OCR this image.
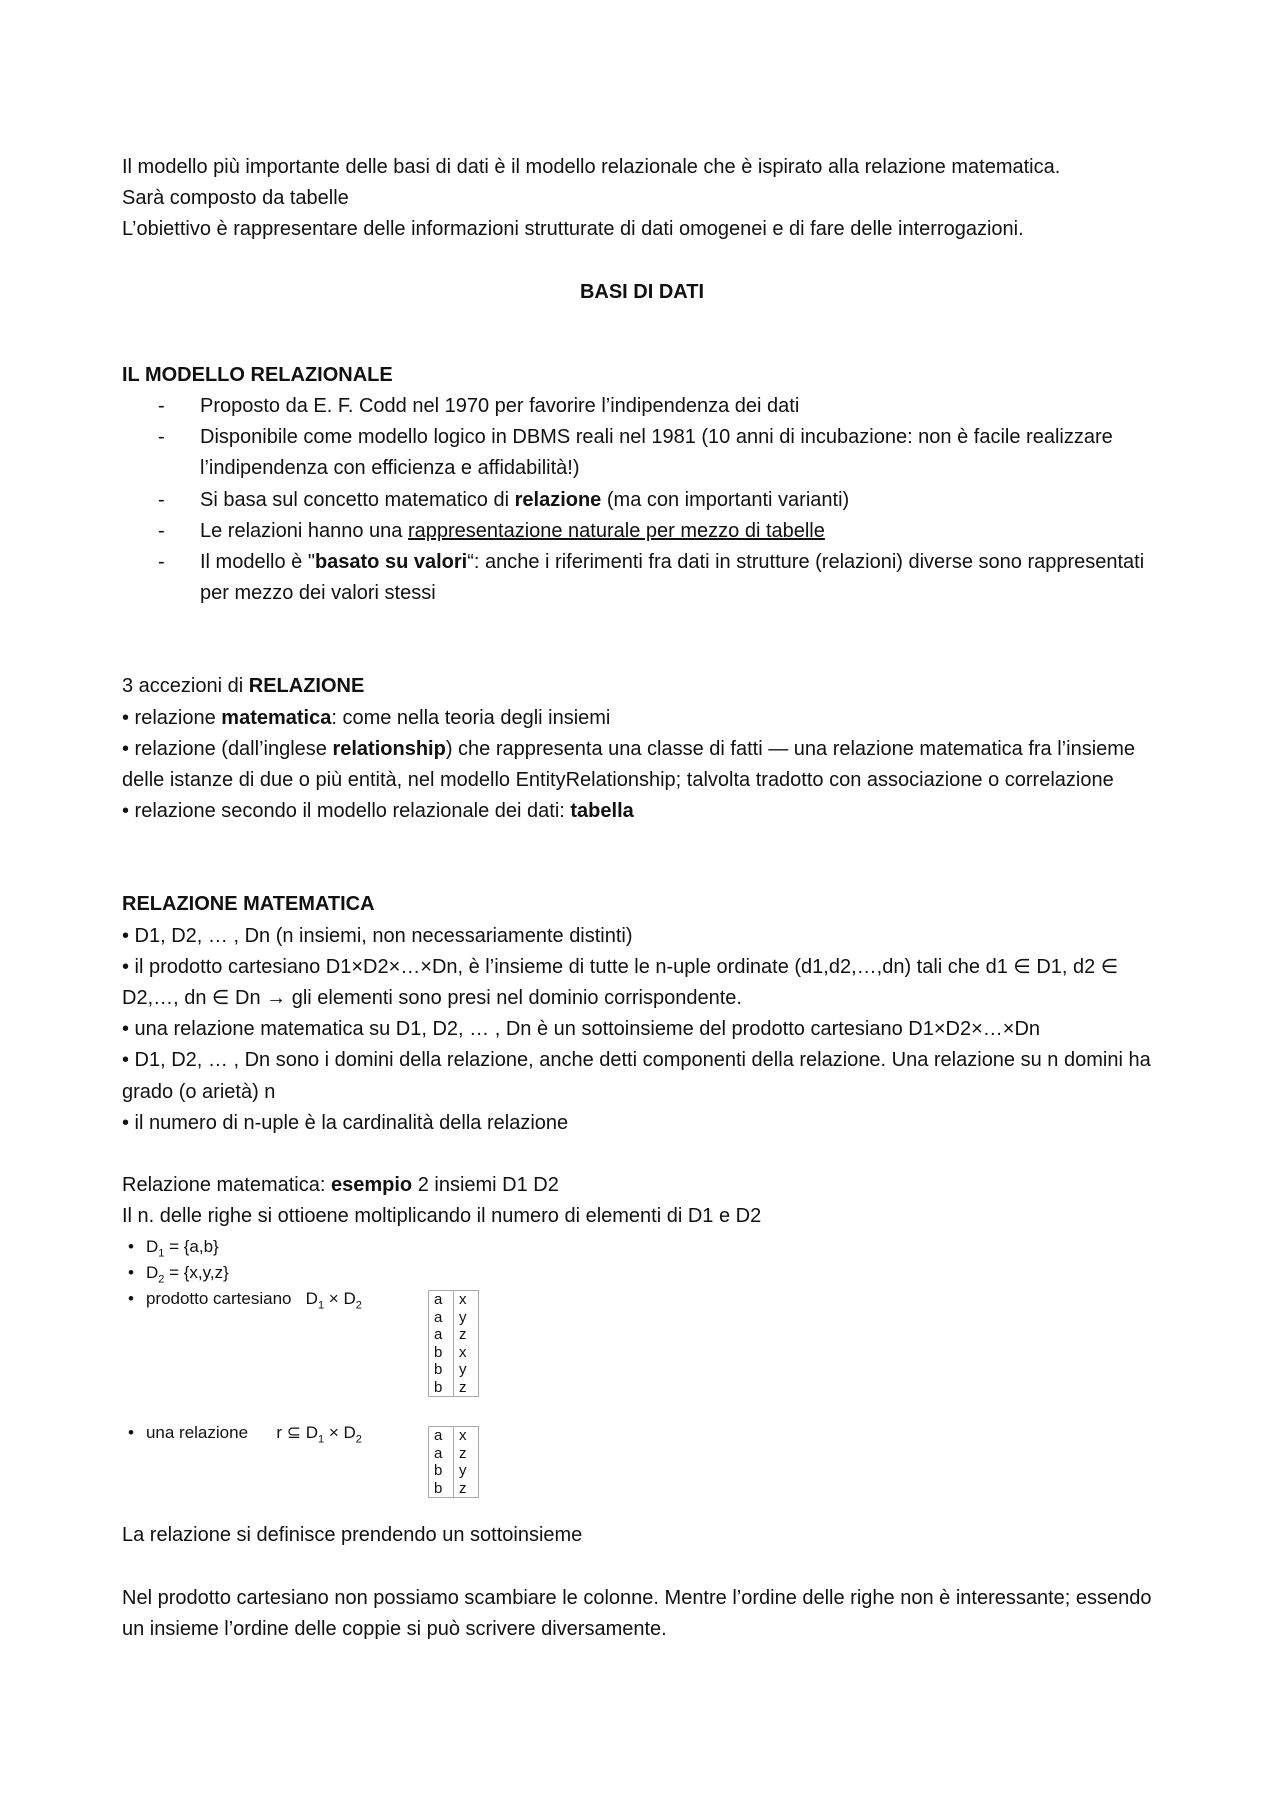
Il modello più importante delle basi di dati è il modello relazionale che è ispirato alla relazione matematica.

Sarà composto da tabelle

L’obiettivo è rappresentare delle informazioni strutturate di dati omogenei e di fare delle interrogazioni.

BASI DI DATI

IL MODELLO RELAZIONALE

- Proposto da E. F. Codd nel 1970 per favorire l’indipendenza dei dati
- Disponibile come modello logico in DBMS reali nel 1981 (10 anni di incubazione: non è facile realizzare l’indipendenza con efficienza e affidabilità!)
- Si basa sul concetto matematico di relazione (ma con importanti varianti)
- Le relazioni hanno una rappresentazione naturale per mezzo di tabelle
- Il modello è "basato su valori“: anche i riferimenti fra dati in strutture (relazioni) diverse sono rappresentati per mezzo dei valori stessi

3 accezioni di RELAZIONE

• relazione matematica: come nella teoria degli insiemi

• relazione (dall’inglese relationship) che rappresenta una classe di fatti — una relazione matematica fra l’insieme delle istanze di due o più entità, nel modello EntityRelationship; talvolta tradotto con associazione o correlazione

• relazione secondo il modello relazionale dei dati: tabella

RELAZIONE MATEMATICA

• D1, D2, … , Dn (n insiemi, non necessariamente distinti)

• il prodotto cartesiano D1×D2×…×Dn, è l’insieme di tutte le n-uple ordinate (d1,d2,…,dn) tali che d1 ∈ D1, d2 ∈ D2,…, dn ∈ Dn → gli elementi sono presi nel dominio corrispondente.

• una relazione matematica su D1, D2, … , Dn è un sottoinsieme del prodotto cartesiano D1×D2×…×Dn

• D1, D2, … , Dn sono i domini della relazione, anche detti componenti della relazione. Una relazione su n domini ha grado (o arietà) n

• il numero di n-uple è la cardinalità della relazione

Relazione matematica: esempio 2 insiemi D1 D2

Il n. delle righe si ottioene moltiplicando il numero di elementi di D1 e D2

• $D_1 = \{a,b\}$
• $D_2 = \{x,y,z\}$
• prodotto cartesiano $D_1 \times D_2$	a	x
a	y
a	z
b	x
b	y
b	z
• una relazione r ⊆ $D_1 \times D_2$	a	x
a	z
b	y
b	z

La relazione si definisce prendendo un sottoinsieme

Nel prodotto cartesiano non possiamo scambiare le colonne. Mentre l’ordine delle righe non è interessante; essendo un insieme l’ordine delle coppie si può scrivere diversamente.
